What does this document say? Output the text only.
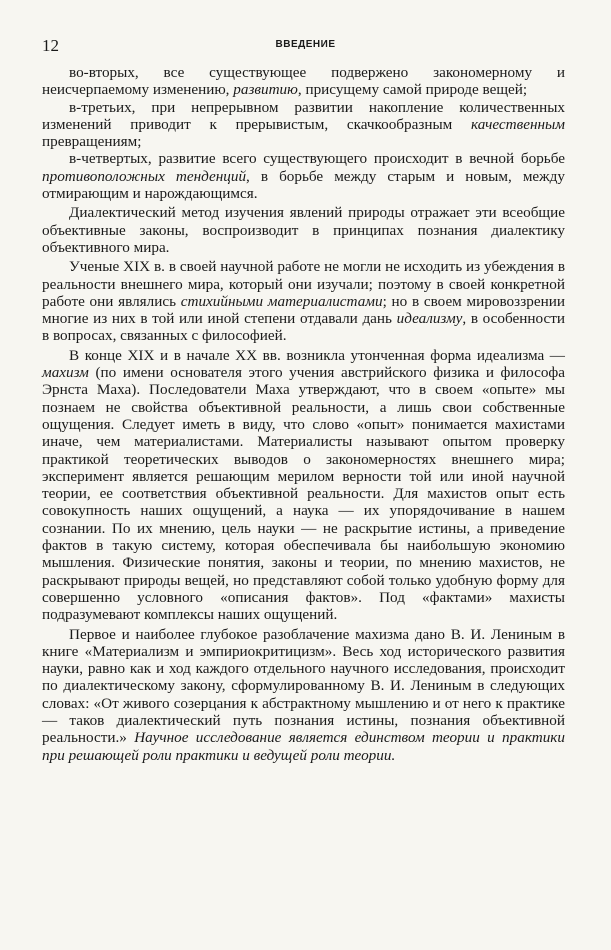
12	ВВЕДЕНИЕ

во-вторых, все существующее подвержено закономерному и неисчерпаемому изменению, развитию, присущему самой природе вещей;

в-третьих, при непрерывном развитии накопление количественных изменений приводит к прерывистым, скачкообразным качественным превращениям;

в-четвертых, развитие всего существующего происходит в вечной борьбе противоположных тенденций, в борьбе между старым и новым, между отмирающим и нарождающимся.

Диалектический метод изучения явлений природы отражает эти всеобщие объективные законы, воспроизводит в принципах познания диалектику объективного мира.

Ученые XIX в. в своей научной работе не могли не исходить из убеждения в реальности внешнего мира, который они изучали; поэтому в своей конкретной работе они являлись стихийными материалистами; но в своем мировоззрении многие из них в той или иной степени отдавали дань идеализму, в особенности в вопросах, связанных с философией.

В конце XIX и в начале XX вв. возникла утонченная форма идеализма — махизм (по имени основателя этого учения австрийского физика и философа Эрнста Маха). Последователи Маха утверждают, что в своем «опыте» мы познаем не свойства объективной реальности, а лишь свои собственные ощущения. Следует иметь в виду, что слово «опыт» понимается махистами иначе, чем материалистами. Материалисты называют опытом проверку практикой теоретических выводов о закономерностях внешнего мира; эксперимент является решающим мерилом верности той или иной научной теории, ее соответствия объективной реальности. Для махистов опыт есть совокупность наших ощущений, а наука — их упорядочивание в нашем сознании. По их мнению, цель науки — не раскрытие истины, а приведение фактов в такую систему, которая обеспечивала бы наибольшую экономию мышления. Физические понятия, законы и теории, по мнению махистов, не раскрывают природы вещей, но представляют собой только удобную форму для совершенно условного «описания фактов». Под «фактами» махисты подразумевают комплексы наших ощущений.

Первое и наиболее глубокое разоблачение махизма дано В. И. Лениным в книге «Материализм и эмпириокритицизм». Весь ход исторического развития науки, равно как и ход каждого отдельного научного исследования, происходит по диалектическому закону, сформулированному В. И. Лениным в следующих словах: «От живого созерцания к абстрактному мышлению и от него к практике — таков диалектический путь познания истины, познания объективной реальности.» Научное исследование является единством теории и практики при решающей роли практики и ведущей роли теории.
